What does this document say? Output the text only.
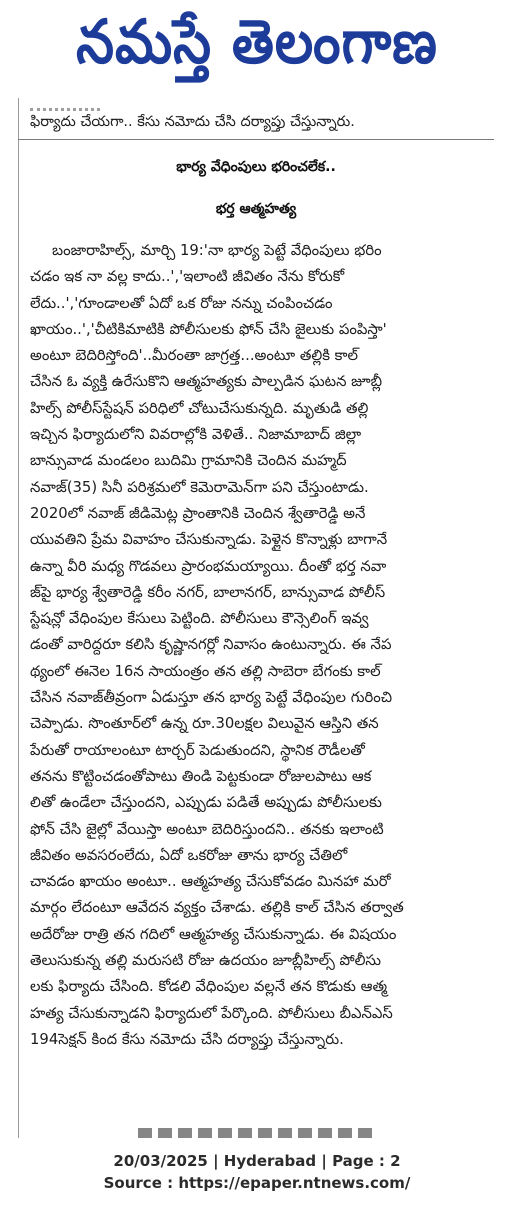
నమస్తే తెలంగాణ
ఫిర్యాదు చేయగా.. కేసు నమోదు చేసి దర్యాప్తు చేస్తున్నారు.
భార్య వేధింపులు భరించలేక..
భర్త ఆత్మహత్య
బంజారాహిల్స్, మార్చి 19:'నా భార్య పెట్టే వేధింపులు భరిం
చడం ఇక నా వల్ల కాదు..','ఇలాంటి జీవితం నేను కోరుకో
లేదు..','గూండాలతో ఏదో ఒక రోజు నన్ను చంపించడం
ఖాయం..','చీటికిమాటికి పోలీసులకు ఫోన్ చేసి జైలుకు పంపిస్తా'
అంటూ బెదిరిస్తోంది'..మీరంతా జాగ్రత్త...అంటూ తల్లికి కాల్
చేసిన ఓ వ్యక్తి ఉరేసుకొని ఆత్మహత్యకు పాల్పడిన ఘటన జూబ్లీ
హిల్స్ పోలీస్‌స్టేషన్ పరిధిలో చోటుచేసుకున్నది. మృతుడి తల్లి
ఇచ్చిన ఫిర్యాదులోని వివరాల్లోకి వెళితే.. నిజామాబాద్ జిల్లా
బాన్సువాడ మండలం బుదిమి గ్రామానికి చెందిన మహ్మద్
నవాజ్(35) సినీ పరిశ్రమలో కెమెరామెన్‌గా పని చేస్తుంటాడు.
2020లో నవాజ్ జీడిమెట్ల ప్రాంతానికి చెందిన శ్వేతారెడ్డి అనే
యువతిని ప్రేమ వివాహం చేసుకున్నాడు. పెళ్లైన కొన్నాళ్లు బాగానే
ఉన్నా వీరి మధ్య గొడవలు ప్రారంభమయ్యాయి. దీంతో భర్త నవా
జ్‌పై భార్య శ్వేతారెడ్డి కరీం నగర్, బాలానగర్, బాన్సువాడ పోలీస్
స్టేషన్లో వేధింపుల కేసులు పెట్టింది. పోలీసులు కౌన్సెలింగ్ ఇవ్వ
డంతో వారిద్దరూ కలిసి కృష్ణానగర్లో నివాసం ఉంటున్నారు. ఈ నేప
థ్యంలో ఈనెల 16న సాయంత్రం తన తల్లి సాబెరా బేగంకు కాల్
చేసిన నవాజ్‌తీవ్రంగా ఏడుస్తూ తన భార్య పెట్టే వేధింపుల గురించి
చెప్పాడు. సొంతూర్‌లో ఉన్న రూ.30లక్షల విలువైన ఆస్తిని తన
పేరుతో రాయాలంటూ టార్చర్ పెడుతుందని, స్థానిక రౌడీలతో
తనను కొట్టించడంతోపాటు తిండి పెట్టకుండా రోజులపాటు ఆక
లితో ఉండేలా చేస్తుందని, ఎప్పుడు పడితే అప్పుడు పోలీసులకు
ఫోన్ చేసి జైల్లో వేయిస్తా అంటూ బెదిరిస్తుందని.. తనకు ఇలాంటి
జీవితం అవసరంలేదు, ఏదో ఒకరోజు తాను భార్య చేతిలో
చావడం ఖాయం అంటూ.. ఆత్మహత్య చేసుకోవడం మినహా మరో
మార్గం లేదంటూ ఆవేదన వ్యక్తం చేశాడు. తల్లికి కాల్ చేసిన తర్వాత
అదేరోజు రాత్రి తన గదిలో ఆత్మహత్య చేసుకున్నాడు. ఈ విషయం
తెలుసుకున్న తల్లి మరుసటి రోజు ఉదయం జూబ్లీహిల్స్ పోలీసు
లకు ఫిర్యాదు చేసింది. కోడలి వేధింపుల వల్లనే తన కొడుకు ఆత్మ
హత్య చేసుకున్నాడని ఫిర్యాదులో పేర్కొంది. పోలీసులు బీఎన్ఎస్
194సెక్షన్ కింద కేసు నమోదు చేసి దర్యాప్తు చేస్తున్నారు.
20/03/2025 | Hyderabad | Page : 2
Source : https://epaper.ntnews.com/
